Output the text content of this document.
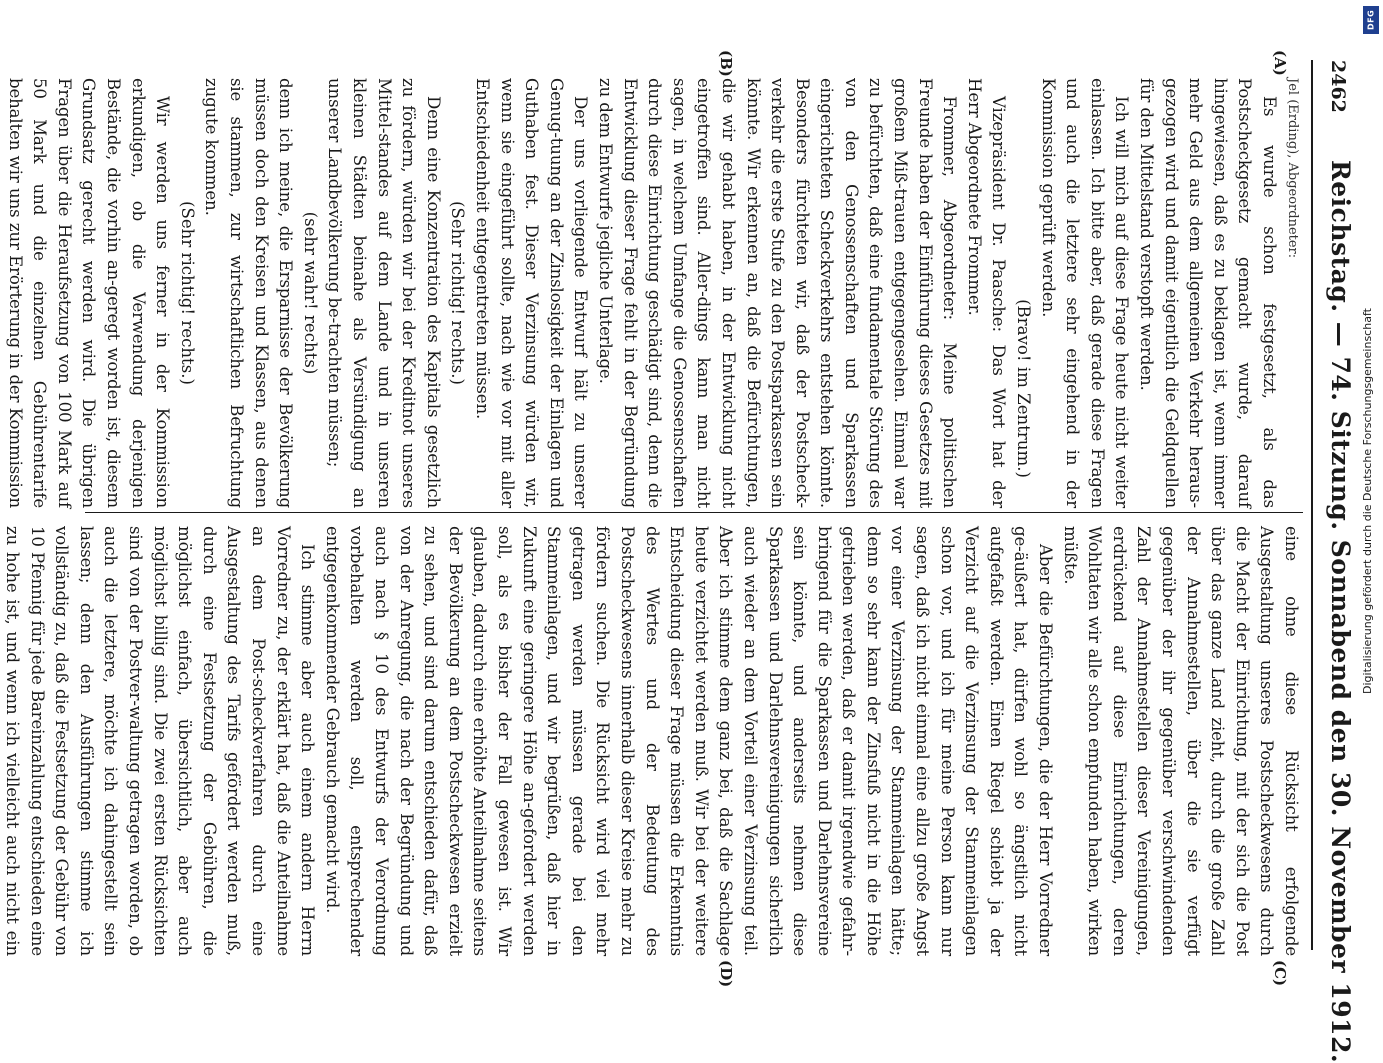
2462
Reichstag. — 74. Sitzung. Sonnabend den 30. November 1912.
(A)
(B)
(C)
(D)

Jel (Erding), Abgeordneter:

Es wurde schon festgesetzt, als das Postscheckgesetz gemacht wurde, darauf hingewiesen, daß es zu beklagen ist, wenn immer mehr Geld aus dem allgemeinen Verkehr heraus-gezogen wird und damit eigentlich die Geldquellen für den Mittelstand verstopft werden.

Ich will mich auf diese Frage heute nicht weiter einlassen. Ich bitte aber, daß gerade diese Fragen und auch die letztere sehr eingehend in der Kommission geprüft werden.

(Bravo! im Zentrum.)

Vizepräsident Dr. Paasche: Das Wort hat der Herr Abgeordnete Frommer.

Frommer, Abgeordneter: Meine politischen Freunde haben der Einführung dieses Gesetzes mit großem Miß-trauen entgegengesehen. Einmal war zu befürchten, daß eine fundamentale Störung des von den Genossenschaften und Sparkassen eingerichteten Scheckverkehrs entstehen könnte. Besonders fürchteten wir, daß der Postscheck-verkehr die erste Stufe zu den Postsparkassen sein könnte. Wir erkennen an, daß die Befürchtungen, die wir gehabt haben, in der Entwicklung nicht eingetroffen sind. Aller-dings kann man nicht sagen, in welchem Umfange die Genossenschaften durch diese Einrichtung geschädigt sind, denn die Entwicklung dieser Frage fehlt in der Begründung zu dem Entwurfe jegliche Unterlage.

Der uns vorliegende Entwurf hält zu unserer Genug-tuung an der Zinslosigkeit der Einlagen und Guthaben fest. Dieser Verzinsung würden wir, wenn sie eingeführt sollte, nach wie vor mit aller Entschiedenheit entgegentreten müssen.

(Sehr richtig! rechts.)

Denn eine Konzentration des Kapitals gesetzlich zu fördern, würden wir bei der Kreditnot unseres Mittel-standes auf dem Lande und in unseren kleinen Städten beinahe als Versündigung an unserer Landbevölkerung be-trachten müssen;

(sehr wahr! rechts)

denn ich meine, die Ersparnisse der Bevölkerung müssen doch den Kreisen und Klassen, aus denen sie stammen, zur wirtschaftlichen Befruchtung zugute kommen.

(Sehr richtig! rechts.)

Wir werden uns ferner in der Kommission erkundigen, ob die Verwendung derjenigen Bestände, die vorhin an-geregt worden ist, diesem Grundsatz gerecht werden wird. Die übrigen Fragen über die Heraufsetzung von 100 Mark auf 50 Mark und die einzelnen Gebührentarife behalten wir uns zur Erörterung in der Kommission

eine ohne diese Rücksicht erfolgende Ausgestaltung unseres Postscheckwesens durch die Macht der Einrichtung, mit der sich die Post über das ganze Land zieht, durch die große Zahl der Annahmestellen, über die sie verfügt gegenüber der ihr gegenüber verschwindenden Zahl der Annahmestellen dieser Vereinigungen, erdrückend auf diese Einrichtungen, deren Wohltaten wir alle schon empfunden haben, wirken müßte.

Aber die Befürchtungen, die der Herr Vorredner ge-äußert hat, dürfen wohl so ängstlich nicht aufgefaßt werden. Einen Riegel schiebt ja der Verzicht auf die Verzinsung der Stammeinlagen schon vor, und ich für meine Person kann nur sagen, daß ich nicht einmal eine allzu große Angst vor einer Verzinsung der Stammeinlagen hätte; denn so sehr kann der Zinsfuß nicht in die Höhe getrieben werden, daß er damit irgendwie gefahr-bringend für die Sparkassen und Darlehnsvereine sein könnte, und anderseits nehmen diese Sparkassen und Darlehnsvereinigungen sicherlich auch wieder an dem Vorteil einer Verzinsung teil. Aber ich stimme dem ganz bei, daß die Sachlage heute verzichtet werden muß. Wir bei der weitere Entscheidung dieser Frage müssen die Erkenntnis des Wertes und der Bedeutung des Postscheckwesens innerhalb dieser Kreise mehr zu fördern suchen. Die Rücksicht wird viel mehr getragen werden müssen gerade bei den Stammeinlagen, und wir begrüßen, daß hier in Zukunft eine geringere Höhe an-gefordert werden soll, als es bisher der Fall gewesen ist. Wir glauben, dadurch eine erhöhte Anteilnahme seitens der Bevölkerung an dem Postscheckwesen erzielt zu sehen, und sind darum entschieden dafür, daß von der Anregung, die nach der Begründung und auch nach § 10 des Entwurfs der Verordnung vorbehalten werden soll, entsprechender entgegenkommender Gebrauch gemacht wird.

Ich stimme aber auch einem andern Herrn Vorredner zu, der erklärt hat, daß die Anteilnahme an dem Post-scheckverfahren durch eine Ausgestaltung des Tarifs gefördert werden muß, durch eine Festsetzung der Gebühren, die möglichst einfach, übersichtlich, aber auch möglichst billig sind. Die zwei ersten Rücksichten sind von der Postver-waltung getragen worden, ob auch die letztere, möchte ich dahingestellt sein lassen; denn den Ausführungen stimme ich vollständig zu, daß die Festsetzung der Gebühr von 10 Pfennig für jede Bareinzahlung entschieden eine zu hohe ist, und wenn ich vielleicht auch nicht ein

DFG
Digitalisierung gefördert durch die Deutsche Forschungsgemeinschaft
